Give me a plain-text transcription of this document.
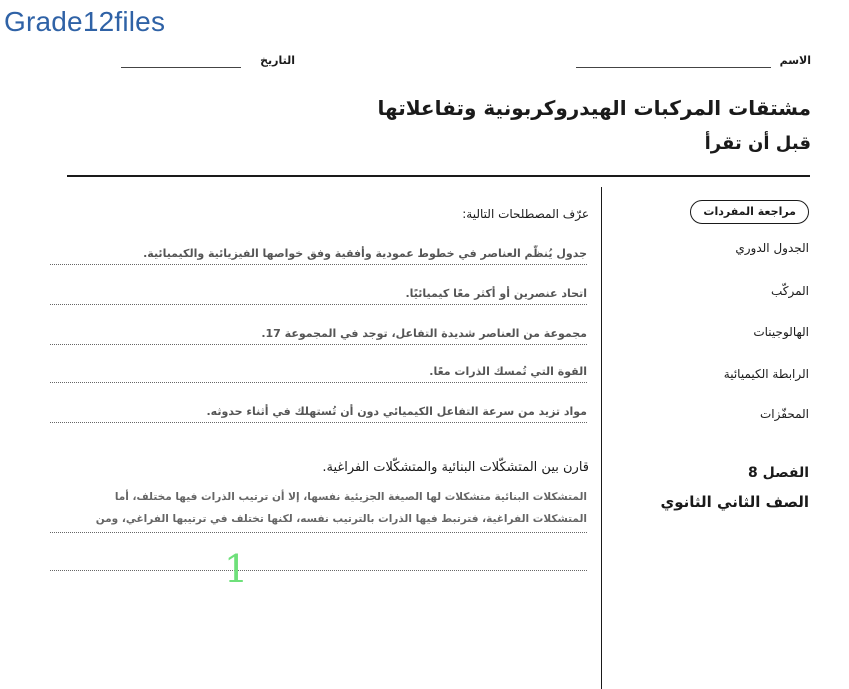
Grade12files
الاسم
التاريخ
مشتقات المركبات الهيدروكربونية وتفاعلاتها
قبل أن تقرأ
مراجعة المفردات
الجدول الدوري
المركّب
الهالوجينات
الرابطة الكيميائية
المحفّزات
الفصل 8
الصف الثاني الثانوي
عرّف المصطلحات التالية:
جدول يُنظّم العناصر في خطوط عمودية وأفقية وفق خواصها الفيزيائية والكيميائية.
اتحاد عنصرين أو أكثر معًا كيميائيًا.
مجموعة من العناصر شديدة التفاعل، توجد في المجموعة 17.
القوة التي تُمسك الذرات معًا.
مواد تزيد من سرعة التفاعل الكيميائي دون أن تُستهلك في أثناء حدوثه.
قارن بين المتشكّلات البنائية والمتشكّلات الفراغية.
المتشكلات البنائية متشكلات لها الصيغة الجزيئية نفسها، إلا أن ترتيب الذرات فيها مختلف، أما
المتشكلات الفراغية، فترتبط فيها الذرات بالترتيب نفسه، لكنها تختلف في ترتيبها الفراغي، ومن
1
